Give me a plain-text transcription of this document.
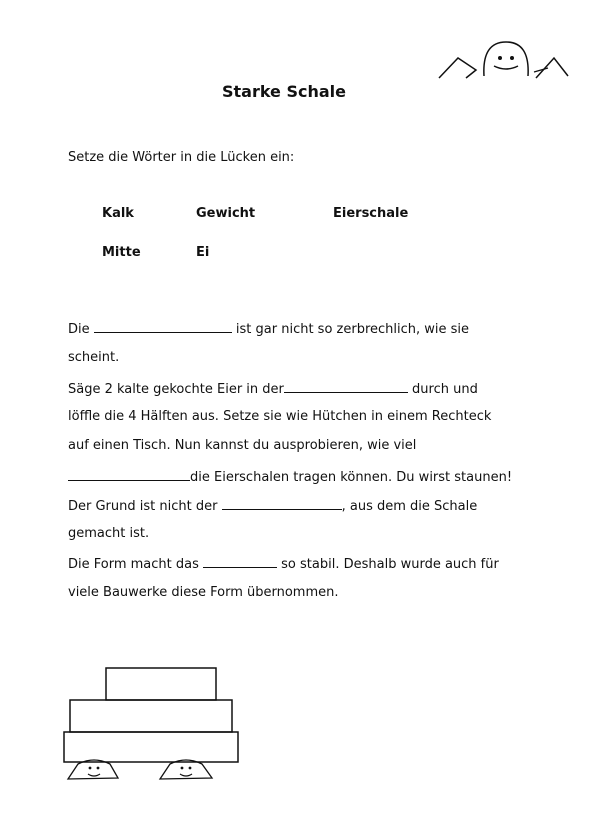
Starke Schale
Setze die Wörter in die Lücken ein:
Kalk	Gewicht	Eierschale
Mitte	Ei
Die	ist gar nicht so zerbrechlich, wie sie
scheint.
Säge 2 kalte gekochte Eier in der	durch und
löffle die 4 Hälften aus. Setze sie wie Hütchen in einem Rechteck
auf einen Tisch. Nun kannst du ausprobieren, wie viel
die Eierschalen tragen können. Du wirst staunen!
Der Grund ist nicht der	, aus dem die Schale
gemacht ist.
Die Form macht das	so stabil. Deshalb wurde auch für
viele Bauwerke diese Form übernommen.
